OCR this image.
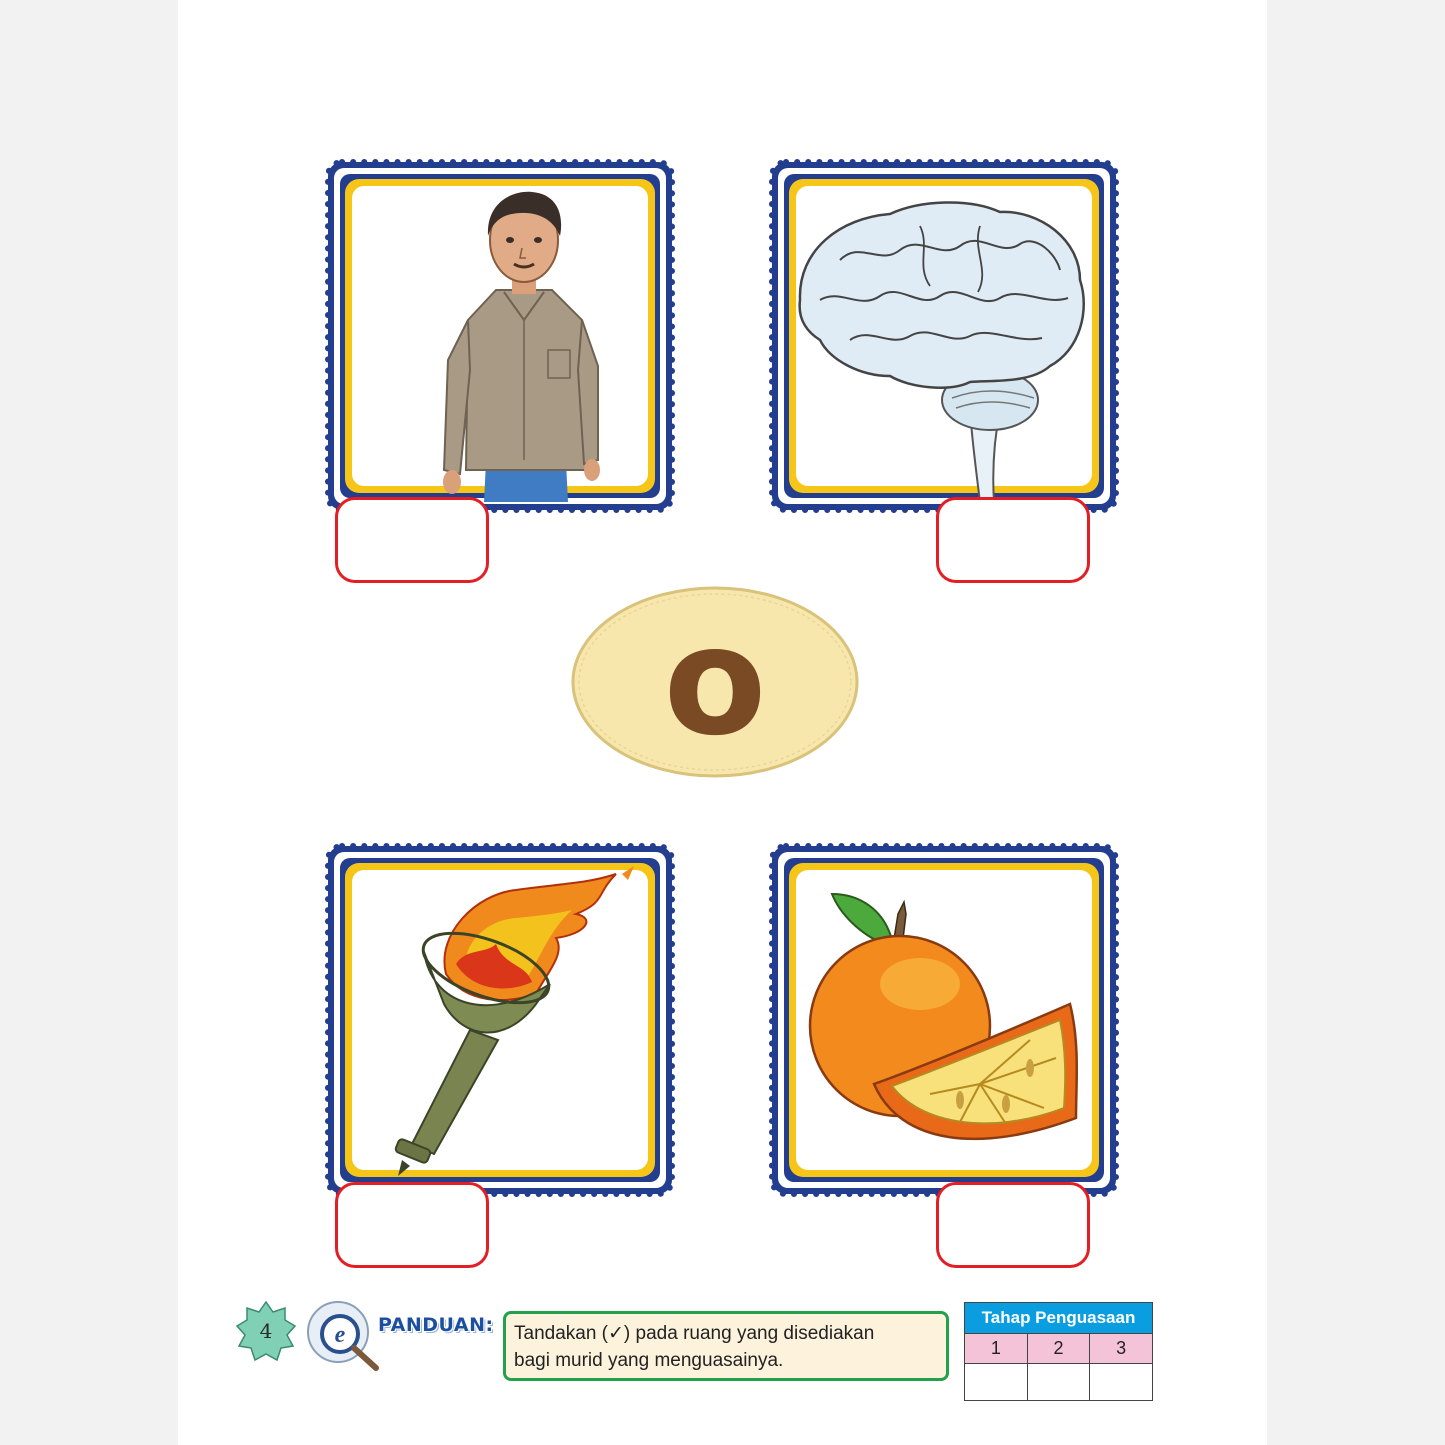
o
4	e PANDUAN: Tandakan (✓) pada ruang yang disediakan
bagi murid yang menguasainya.
Tahap Penguasaan		
1	2	3
